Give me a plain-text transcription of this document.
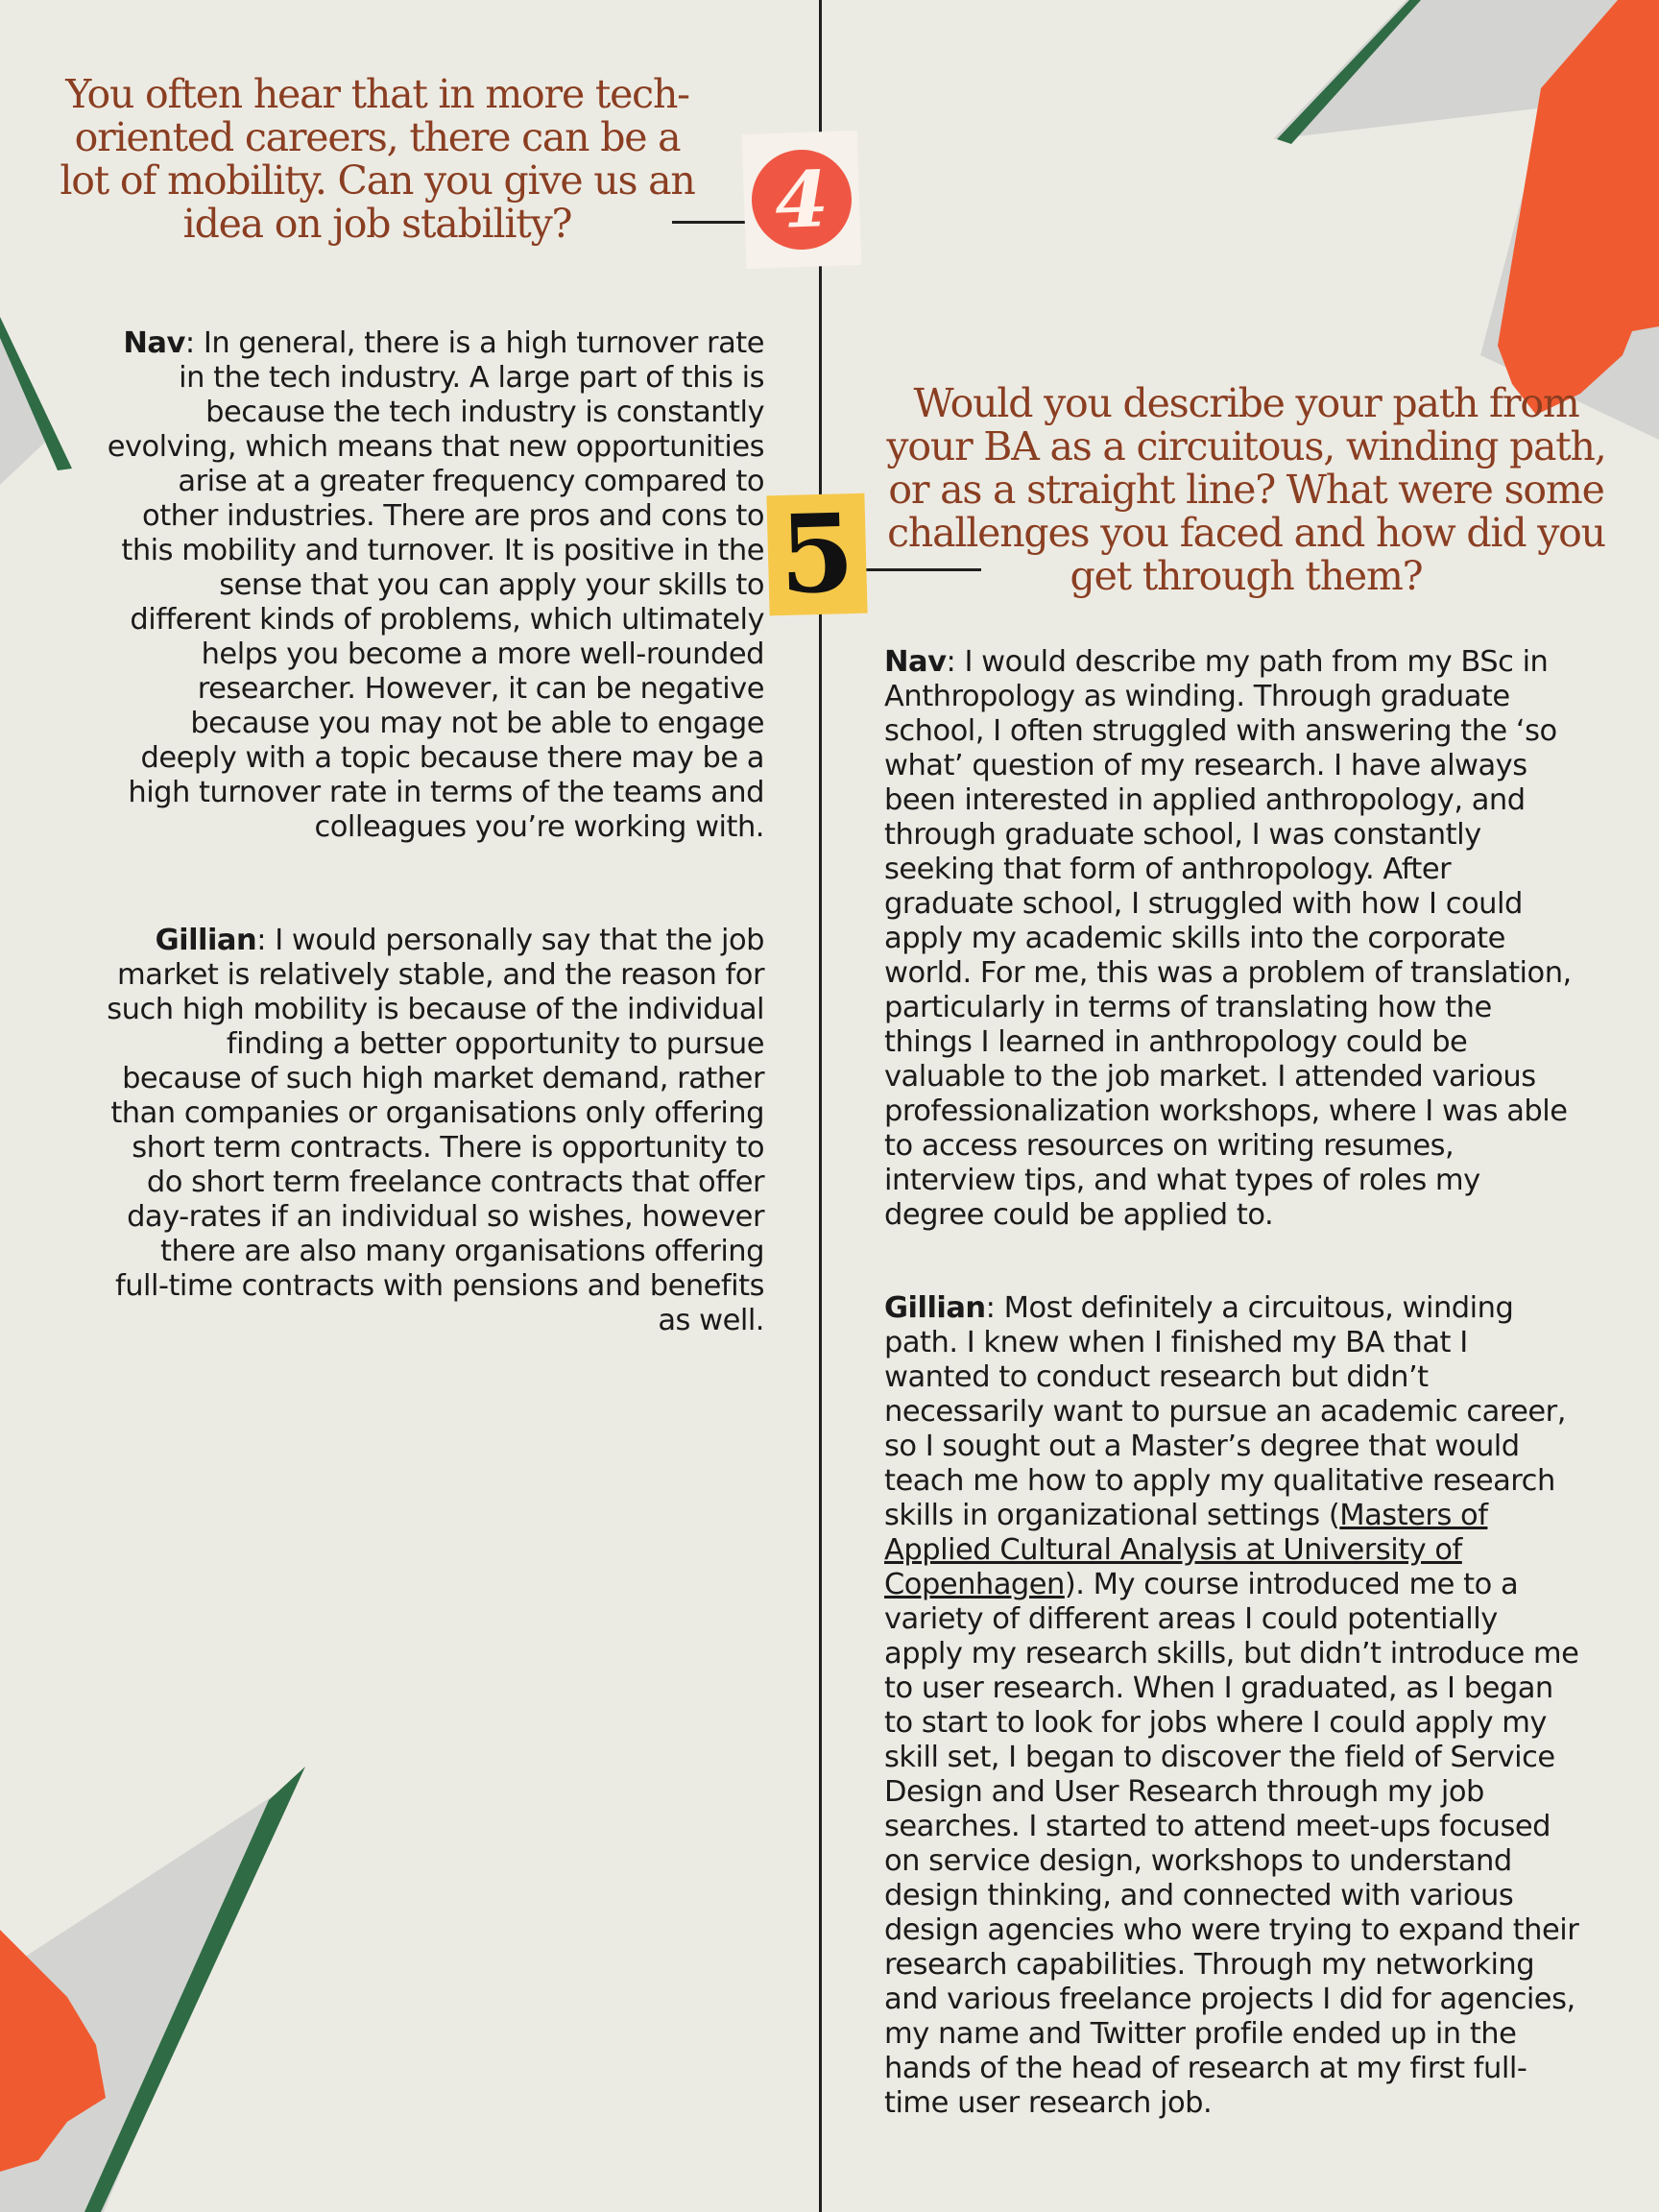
You often hear that in more tech-oriented careers, there can be a lot of mobility. Can you give us an idea on job stability?	4

Nav: In general, there is a high turnover rate in the tech industry. A large part of this is because the tech industry is constantly evolving, which means that new opportunities arise at a greater frequency compared to other industries. There are pros and cons to this mobility and turnover. It is positive in the sense that you can apply your skills to different kinds of problems, which ultimately helps you become a more well-rounded researcher. However, it can be negative because you may not be able to engage deeply with a topic because there may be a high turnover rate in terms of the teams and colleagues you’re working with.

Gillian: I would personally say that the job market is relatively stable, and the reason for such high mobility is because of the individual finding a better opportunity to pursue because of such high market demand, rather than companies or organisations only offering short term contracts. There is opportunity to do short term freelance contracts that offer day-rates if an individual so wishes, however there are also many organisations offering full-time contracts with pensions and benefits as well.

Would you describe your path from your BA as a circuitous, winding path, or as a straight line? What were some challenges you faced and how did you get through them?
5

Nav: I would describe my path from my BSc in Anthropology as winding. Through graduate school, I often struggled with answering the ‘so what’ question of my research. I have always been interested in applied anthropology, and through graduate school, I was constantly seeking that form of anthropology. After graduate school, I struggled with how I could apply my academic skills into the corporate world. For me, this was a problem of translation, particularly in terms of translating how the things I learned in anthropology could be valuable to the job market. I attended various professionalization workshops, where I was able to access resources on writing resumes, interview tips, and what types of roles my degree could be applied to.

Gillian: Most definitely a circuitous, winding path. I knew when I finished my BA that I wanted to conduct research but didn’t necessarily want to pursue an academic career, so I sought out a Master’s degree that would teach me how to apply my qualitative research skills in organizational settings (Masters of Applied Cultural Analysis at University of Copenhagen). My course introduced me to a variety of different areas I could potentially apply my research skills, but didn’t introduce me to user research. When I graduated, as I began to start to look for jobs where I could apply my skill set, I began to discover the field of Service Design and User Research through my job searches. I started to attend meet-ups focused on service design, workshops to understand design thinking, and connected with various design agencies who were trying to expand their research capabilities. Through my networking and various freelance projects I did for agencies, my name and Twitter profile ended up in the hands of the head of research at my first full-time user research job.
